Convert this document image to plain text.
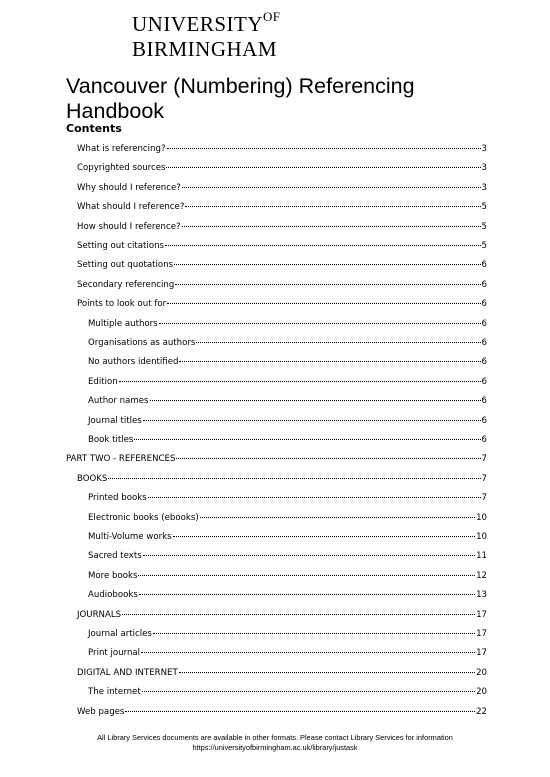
$UNIVERSITY^{OF}$
BIRMINGHAM
Vancouver (Numbering) Referencing Handbook
Contents
What is referencing?	3
Copyrighted sources	3
Why should I reference?	3
What should I reference?	5
How should I reference?	5
Setting out citations	5
Setting out quotations	6
Secondary referencing	6
Points to look out for	6
Multiple authors	6
Organisations as authors	6
No authors identified	6
Edition	6
Author names	6
Journal titles	6
Book titles	6
PART TWO - REFERENCES	7
BOOKS	7
Printed books	7
Electronic books (ebooks)	10
Multi-Volume works	10
Sacred texts	11
More books	12
Audiobooks	13
JOURNALS	17
Journal articles	17
Print journal	17
DIGITAL AND INTERNET	20
The internet	20
Web pages	22
All Library Services documents are available in other formats. Please contact Library Services for information
https://universityofbirmingham.ac.uk/library/justask
